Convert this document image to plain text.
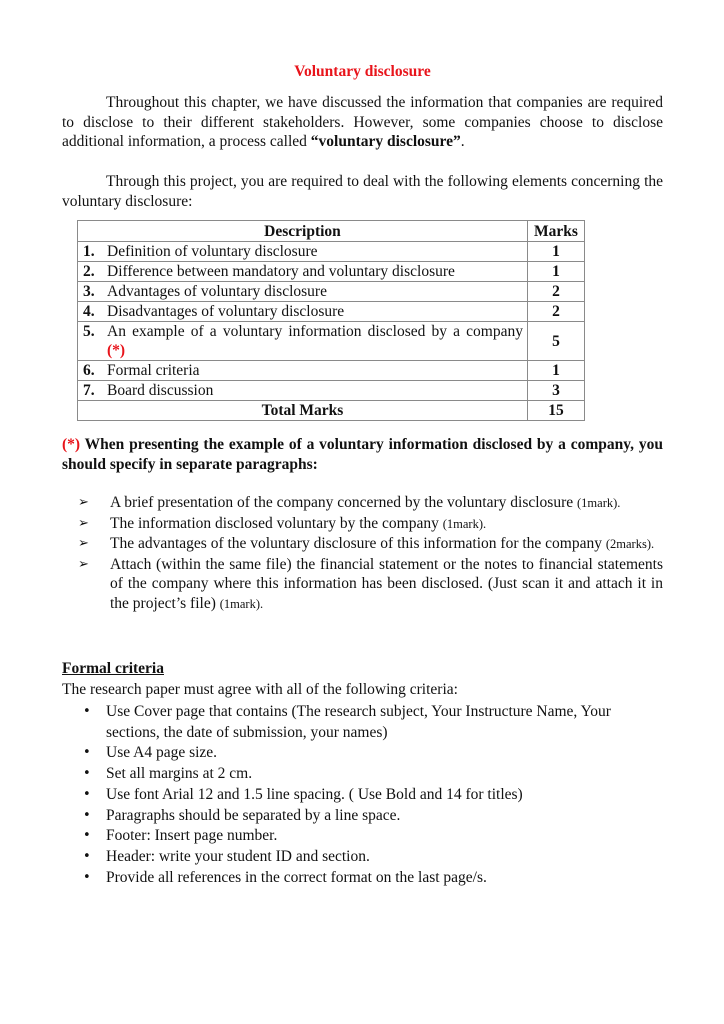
Voluntary disclosure
Throughout this chapter, we have discussed the information that companies are required to disclose to their different stakeholders. However, some companies choose to disclose additional information, a process called “voluntary disclosure”.
Through this project, you are required to deal with the following elements concerning the voluntary disclosure:
Description	Marks

1. Definition of voluntary disclosure	1

2. Difference between mandatory and voluntary disclosure	1

3. Advantages of voluntary disclosure	2

4. Disadvantages of voluntary disclosure	2

5. An example of a voluntary information disclosed by a company (*)	5

6. Formal criteria	1

7. Board discussion	3
Total Marks	15
(*) When presenting the example of a voluntary information disclosed by a company, you should specify in separate paragraphs:
➢	A brief presentation of the company concerned by the voluntary disclosure (1mark).
➢	The information disclosed voluntary by the company (1mark).
➢	The advantages of the voluntary disclosure of this information for the company (2marks).
➢	Attach (within the same file) the financial statement or the notes to financial statements of the company where this information has been disclosed. (Just scan it and attach it in the project’s file) (1mark).
Formal criteria
The research paper must agree with all of the following criteria:
• Use Cover page that contains (The research subject, Your Instructure Name, Your sections, the date of submission, your names)
• Use A4 page size.
• Set all margins at 2 cm.
• Use font Arial 12 and 1.5 line spacing. ( Use Bold and 14 for titles)
• Paragraphs should be separated by a line space.
• Footer: Insert page number.
• Header: write your student ID and section.
• Provide all references in the correct format on the last page/s.
